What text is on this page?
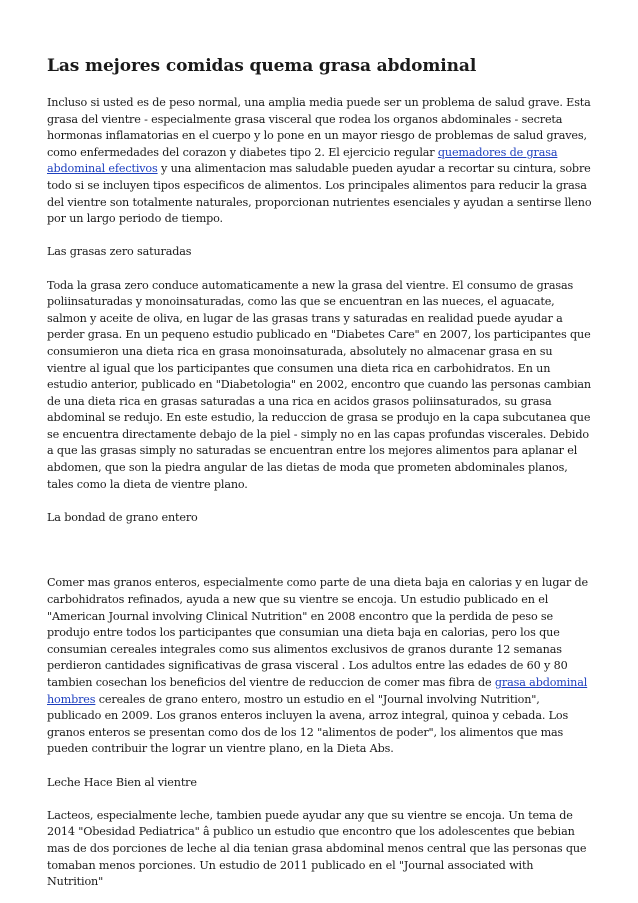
Las mejores comidas quema grasa abdominal

Incluso si usted es de peso normal, una amplia media puede ser un problema de salud grave. Esta grasa del vientre - especialmente grasa visceral que rodea los organos abdominales - secreta hormonas inflamatorias en el cuerpo y lo pone en un mayor riesgo de problemas de salud graves, como enfermedades del corazon y diabetes tipo 2. El ejercicio regular quemadores de grasa abdominal efectivos y una alimentacion mas saludable pueden ayudar a recortar su cintura, sobre todo si se incluyen tipos especificos de alimentos. Los principales alimentos para reducir la grasa del vientre son totalmente naturales, proporcionan nutrientes esenciales y ayudan a sentirse lleno por un largo periodo de tiempo.

Las grasas zero saturadas

Toda la grasa zero conduce automaticamente a new la grasa del vientre. El consumo de grasas poliinsaturadas y monoinsaturadas, como las que se encuentran en las nueces, el aguacate, salmon y aceite de oliva, en lugar de las grasas trans y saturadas en realidad puede ayudar a perder grasa. En un pequeno estudio publicado en "Diabetes Care" en 2007, los participantes que consumieron una dieta rica en grasa monoinsaturada, absolutely no almacenar grasa en su vientre al igual que los participantes que consumen una dieta rica en carbohidratos. En un estudio anterior, publicado en "Diabetologia" en 2002, encontro que cuando las personas cambian de una dieta rica en grasas saturadas a una rica en acidos grasos poliinsaturados, su grasa abdominal se redujo. En este estudio, la reduccion de grasa se produjo en la capa subcutanea que se encuentra directamente debajo de la piel - simply no en las capas profundas viscerales. Debido a que las grasas simply no saturadas se encuentran entre los mejores alimentos para aplanar el abdomen, que son la piedra angular de las dietas de moda que prometen abdominales planos, tales como la dieta de vientre plano.

La bondad de grano entero

Comer mas granos enteros, especialmente como parte de una dieta baja en calorias y en lugar de carbohidratos refinados, ayuda a new que su vientre se encoja. Un estudio publicado en el "American Journal involving Clinical Nutrition" en 2008 encontro que la perdida de peso se produjo entre todos los participantes que consumian una dieta baja en calorias, pero los que consumian cereales integrales como sus alimentos exclusivos de granos durante 12 semanas perdieron cantidades significativas de grasa visceral . Los adultos entre las edades de 60 y 80 tambien cosechan los beneficios del vientre de reduccion de comer mas fibra de grasa abdominal hombres cereales de grano entero, mostro un estudio en el "Journal involving Nutrition", publicado en 2009. Los granos enteros incluyen la avena, arroz integral, quinoa y cebada. Los granos enteros se presentan como dos de los 12 "alimentos de poder", los alimentos que mas pueden contribuir the lograr un vientre plano, en la Dieta Abs.

Leche Hace Bien al vientre

Lacteos, especialmente leche, tambien puede ayudar any que su vientre se encoja. Un tema de 2014 "Obesidad Pediatrica" â publico un estudio que encontro que los adolescentes que bebian mas de dos porciones de leche al dia tenian grasa abdominal menos central que las personas que tomaban menos porciones. Un estudio de 2011 publicado en el "Journal associated with Nutrition"
